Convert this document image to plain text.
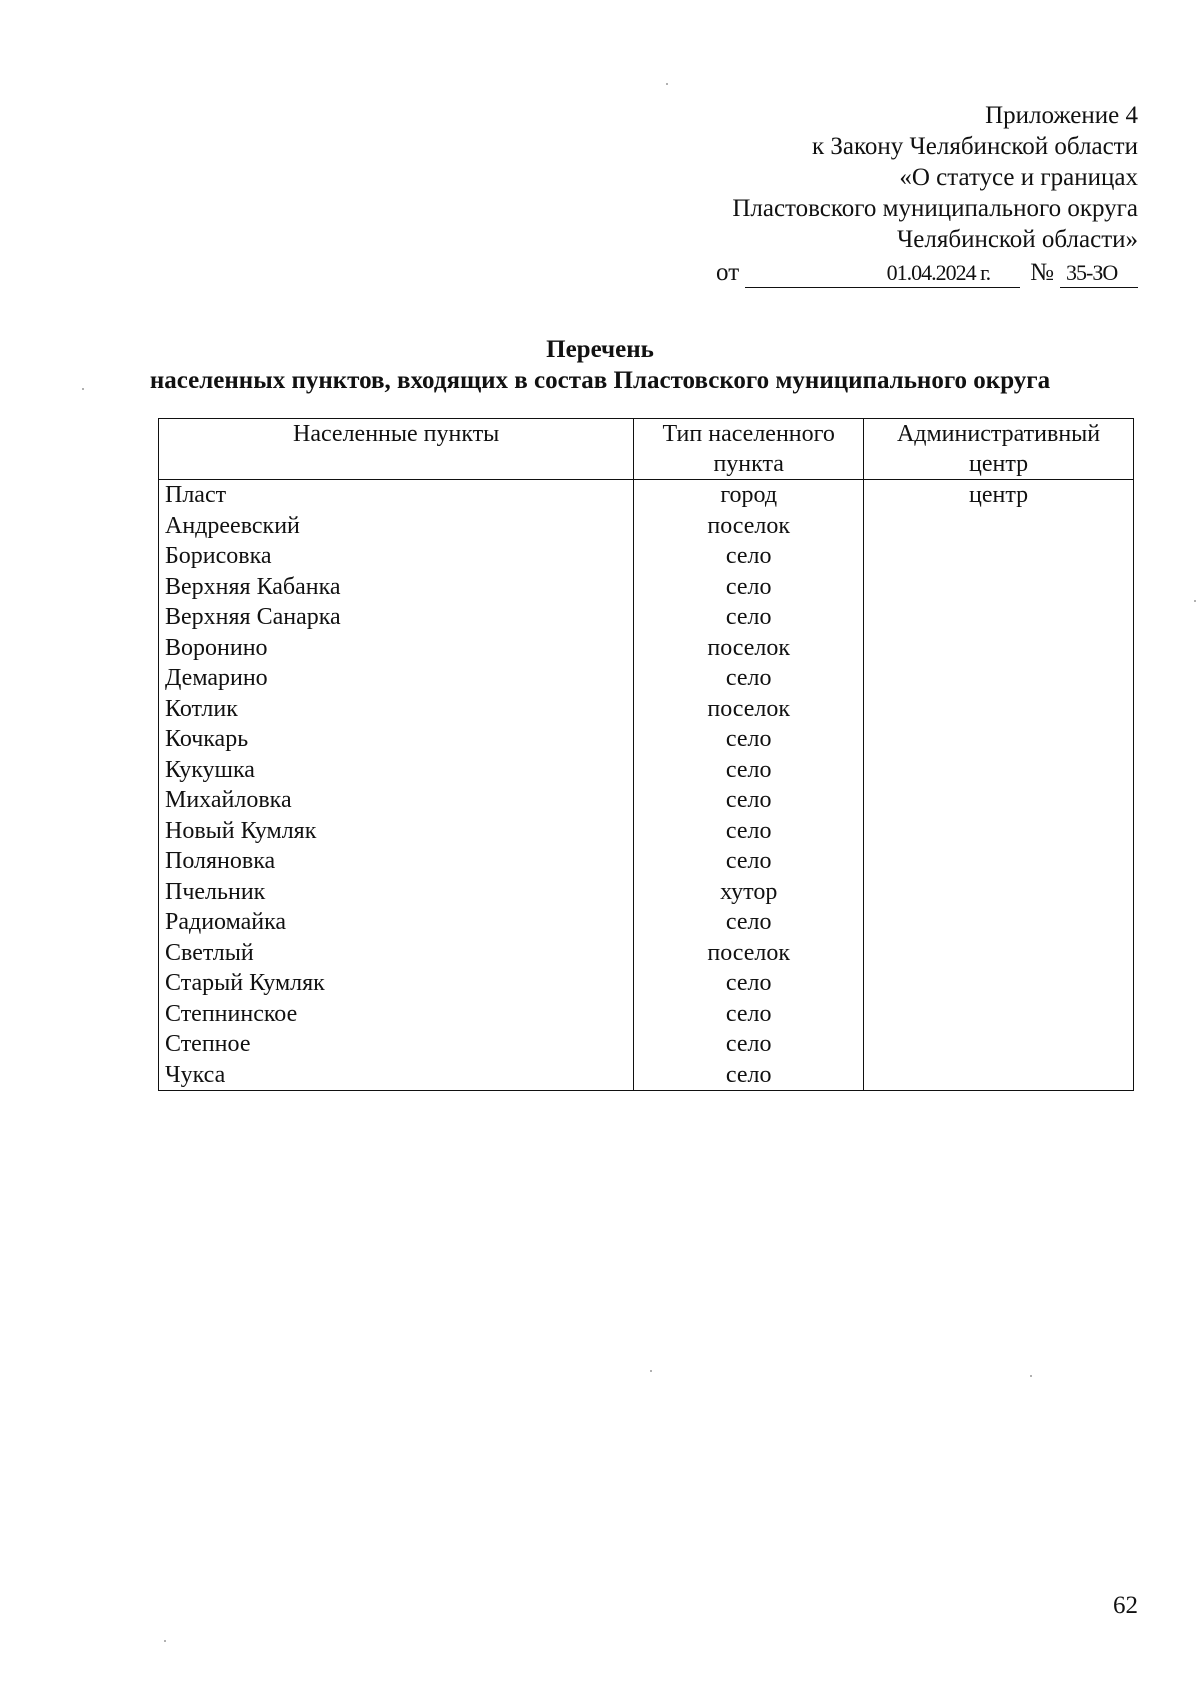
Приложение 4
к Закону Челябинской области
«О статусе и границах
Пластовского муниципального округа
Челябинской области»
от	01.04.2024 г. № 35-ЗО
Перечень
населенных пунктов, входящих в состав Пластовского муниципального округа
Населенные пункты	Тип населенного пункта	Административный центр
Пласт	город	центр
Андреевский	поселок	
Борисовка	село	
Верхняя Кабанка	село	
Верхняя Санарка	село	
Воронино	поселок	
Демарино	село	
Котлик	поселок	
Кочкарь	село	
Кукушка	село	
Михайловка	село	
Новый Кумляк	село	
Поляновка	село	
Пчельник	хутор	
Радиомайка	село	
Светлый	поселок	
Старый Кумляк	село	
Степнинское	село	
Степное	село	
Чукса	село	
62
